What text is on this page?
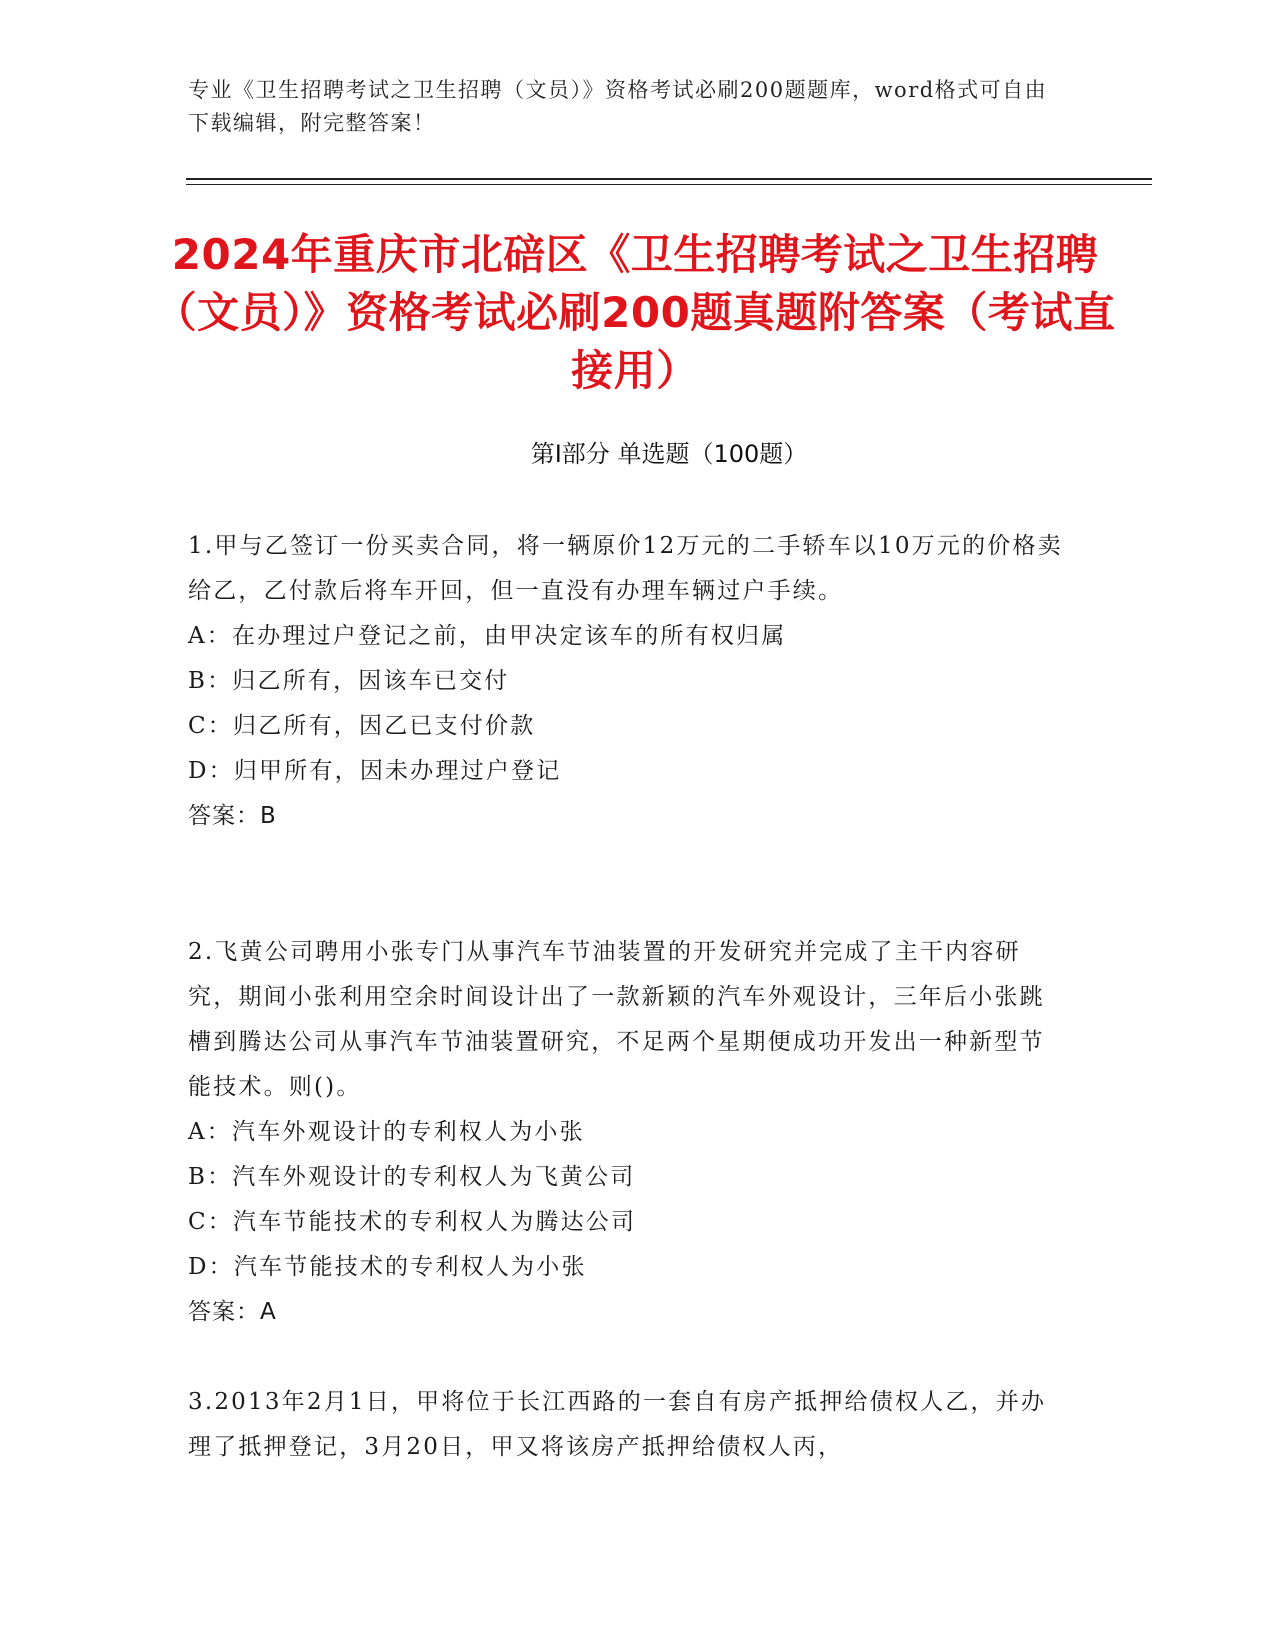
专业《卫生招聘考试之卫生招聘（文员）》资格考试必刷200题题库，word格式可自由下载编辑，附完整答案！
2024年重庆市北碚区《卫生招聘考试之卫生招聘（文员）》资格考试必刷200题真题附答案（考试直接用）
第I部分 单选题（100题）

1.甲与乙签订一份买卖合同，将一辆原价12万元的二手轿车以10万元的价格卖给乙，乙付款后将车开回，但一直没有办理车辆过户手续。

A：在办理过户登记之前，由甲决定该车的所有权归属

B：归乙所有，因该车已交付

C：归乙所有，因乙已支付价款

D：归甲所有，因未办理过户登记

答案：B

2.飞黄公司聘用小张专门从事汽车节油装置的开发研究并完成了主干内容研究，期间小张利用空余时间设计出了一款新颖的汽车外观设计，三年后小张跳槽到腾达公司从事汽车节油装置研究，不足两个星期便成功开发出一种新型节能技术。则()。

A：汽车外观设计的专利权人为小张

B：汽车外观设计的专利权人为飞黄公司

C：汽车节能技术的专利权人为腾达公司

D：汽车节能技术的专利权人为小张

答案：A

3.2013年2月1日，甲将位于长江西路的一套自有房产抵押给债权人乙，并办理了抵押登记，3月20日，甲又将该房产抵押给债权人丙，
